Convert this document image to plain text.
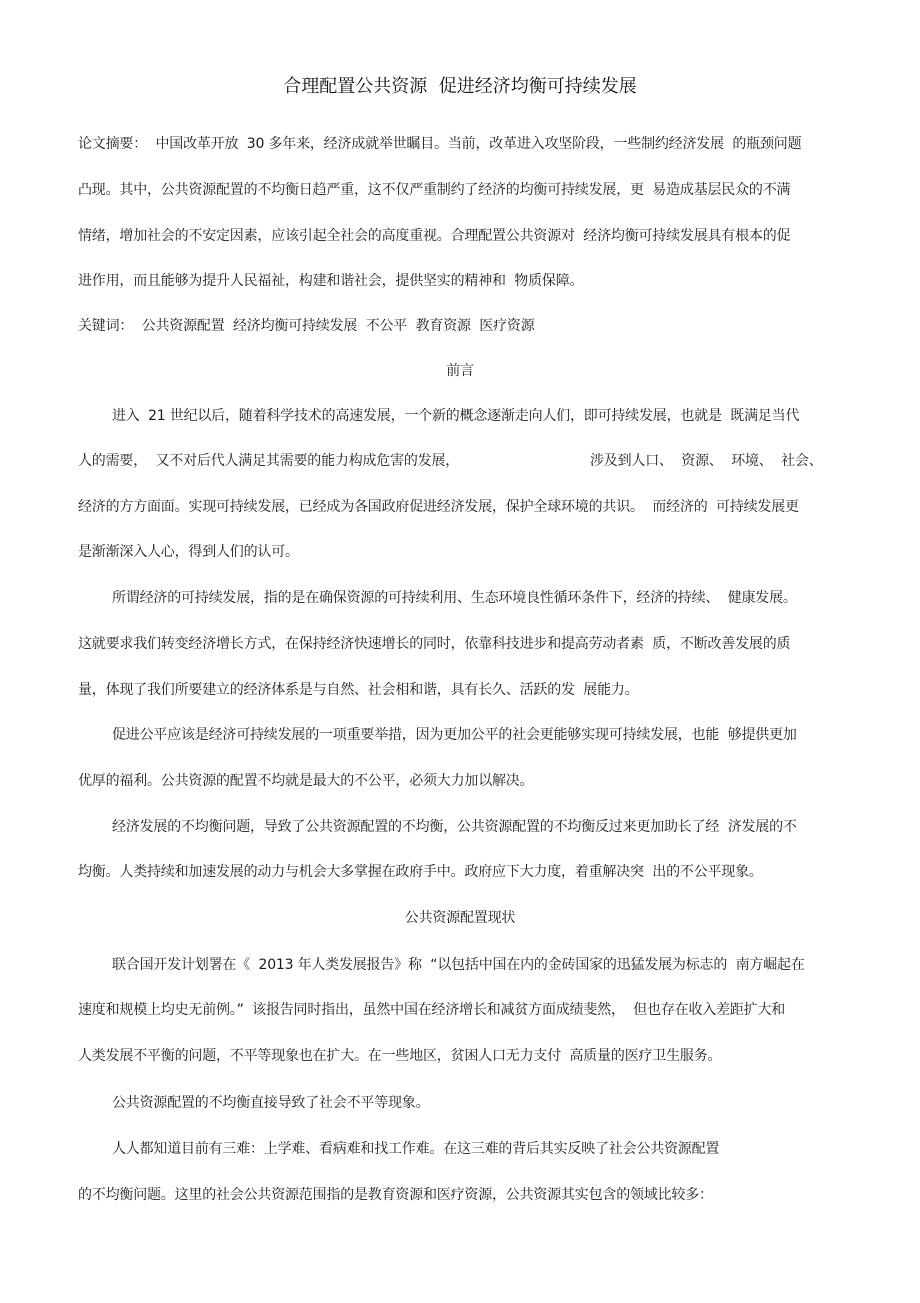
合理配置公共资源  促进经济均衡可持续发展
论文摘要：  中国改革开放  30 多年来，经济成就举世瞩目。当前，改革进入攻坚阶段，一些制约经济发展  的瓶颈问题
凸现。其中，公共资源配置的不均衡日趋严重，这不仅严重制约了经济的均衡可持续发展，更  易造成基层民众的不满
情绪，增加社会的不安定因素，应该引起全社会的高度重视。合理配置公共资源对  经济均衡可持续发展具有根本的促
进作用，而且能够为提升人民福祉，构建和谐社会，提供坚实的精神和  物质保障。
关键词：  公共资源配置  经济均衡可持续发展  不公平  教育资源  医疗资源
前言
进入  21 世纪以后，随着科学技术的高速发展，一个新的概念逐渐走向人们，即可持续发展，也就是  既满足当代
人的需要，  又不对后代人满足其需要的能力构成危害的发展，	涉及到人口、  资源、  环境、  社会、
经济的方方面面。实现可持续发展，已经成为各国政府促进经济发展，保护全球环境的共识。  而经济的  可持续发展更
是渐渐深入人心，得到人们的认可。
所谓经济的可持续发展，指的是在确保资源的可持续利用、生态环境良性循环条件下，经济的持续、  健康发展。
这就要求我们转变经济增长方式，在保持经济快速增长的同时，依靠科技进步和提高劳动者素  质，不断改善发展的质
量，体现了我们所要建立的经济体系是与自然、社会相和谐，具有长久、活跃的发  展能力。
促进公平应该是经济可持续发展的一项重要举措，因为更加公平的社会更能够实现可持续发展，也能  够提供更加
优厚的福利。公共资源的配置不均就是最大的不公平，必须大力加以解决。
经济发展的不均衡问题，导致了公共资源配置的不均衡，公共资源配置的不均衡反过来更加助长了经  济发展的不
均衡。人类持续和加速发展的动力与机会大多掌握在政府手中。政府应下大力度，着重解决突  出的不公平现象。
公共资源配置现状
联合国开发计划署在《  2013 年人类发展报告》称  “以包括中国在内的金砖国家的迅猛发展为标志的  南方崛起在
速度和规模上均史无前例。”  该报告同时指出，虽然中国在经济增长和减贫方面成绩斐然，  但也存在收入差距扩大和
人类发展不平衡的问题，不平等现象也在扩大。在一些地区，贫困人口无力支付  高质量的医疗卫生服务。
公共资源配置的不均衡直接导致了社会不平等现象。
人人都知道目前有三难：上学难、看病难和找工作难。在这三难的背后其实反映了社会公共资源配置
的不均衡问题。这里的社会公共资源范围指的是教育资源和医疗资源，公共资源其实包含的领域比较多：
